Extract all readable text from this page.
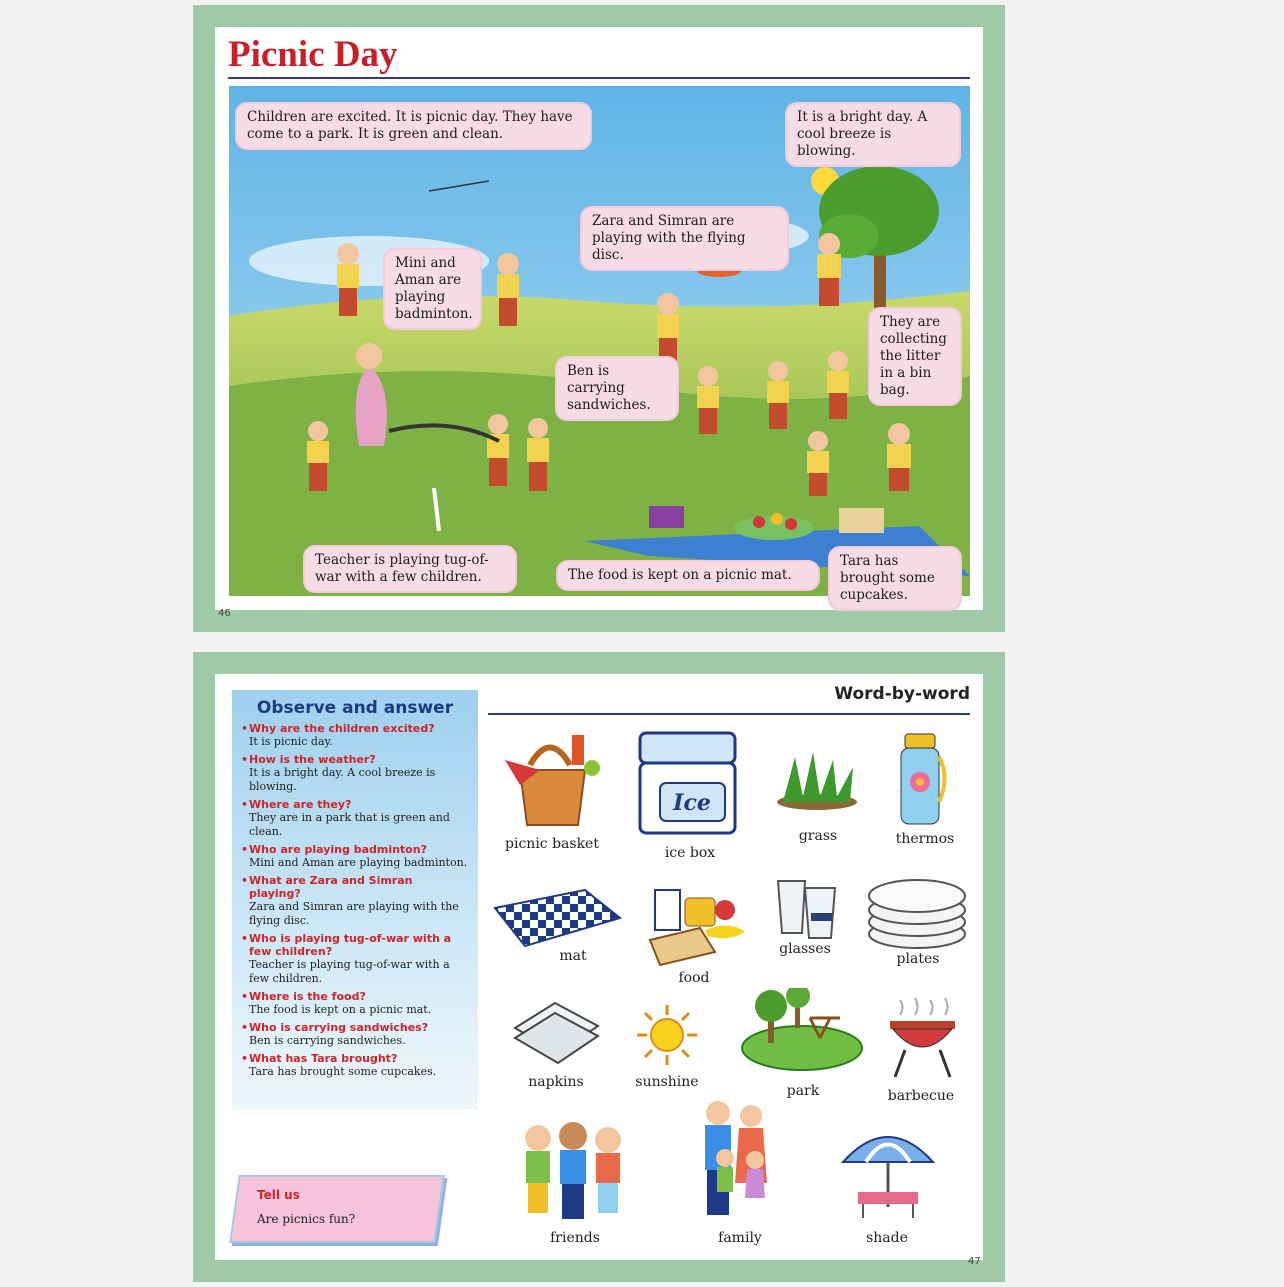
Picnic Day
Children are excited. It is picnic day. They have come to a park. It is green and clean.
It is a bright day. A cool breeze is blowing.
Zara and Simran are playing with the flying disc.
Mini and Aman are playing badminton.	They are collecting the litter in a bin bag.
Ben is carrying sandwiches.
Teacher is playing tug-of-war with a few children.	The food is kept on a picnic mat.
Tara has brought some cupcakes.
46
Observe and answer
• Why are the children excited?
It is picnic day.
• How is the weather?
It is a bright day. A cool breeze is blowing.
• Where are they?
They are in a park that is green and clean.
• Who are playing badminton?
Mini and Aman are playing badminton.
• What are Zara and Simran playing?
Zara and Simran are playing with the flying disc.
• Who is playing tug-of-war with a few children?
Teacher is playing tug-of-war with a few children.
• Where is the food?
The food is kept on a picnic mat.
• Who is carrying sandwiches?
Ben is carrying sandwiches.
• What has Tara brought?
Tara has brought some cupcakes.
Tell us
Are picnics fun?
Word-by-word
Ice
picnic basket
ice box
grass	thermos
mat
food
glasses
plates
napkins	sunshine
park	barbecue
friends	family	shade
47
